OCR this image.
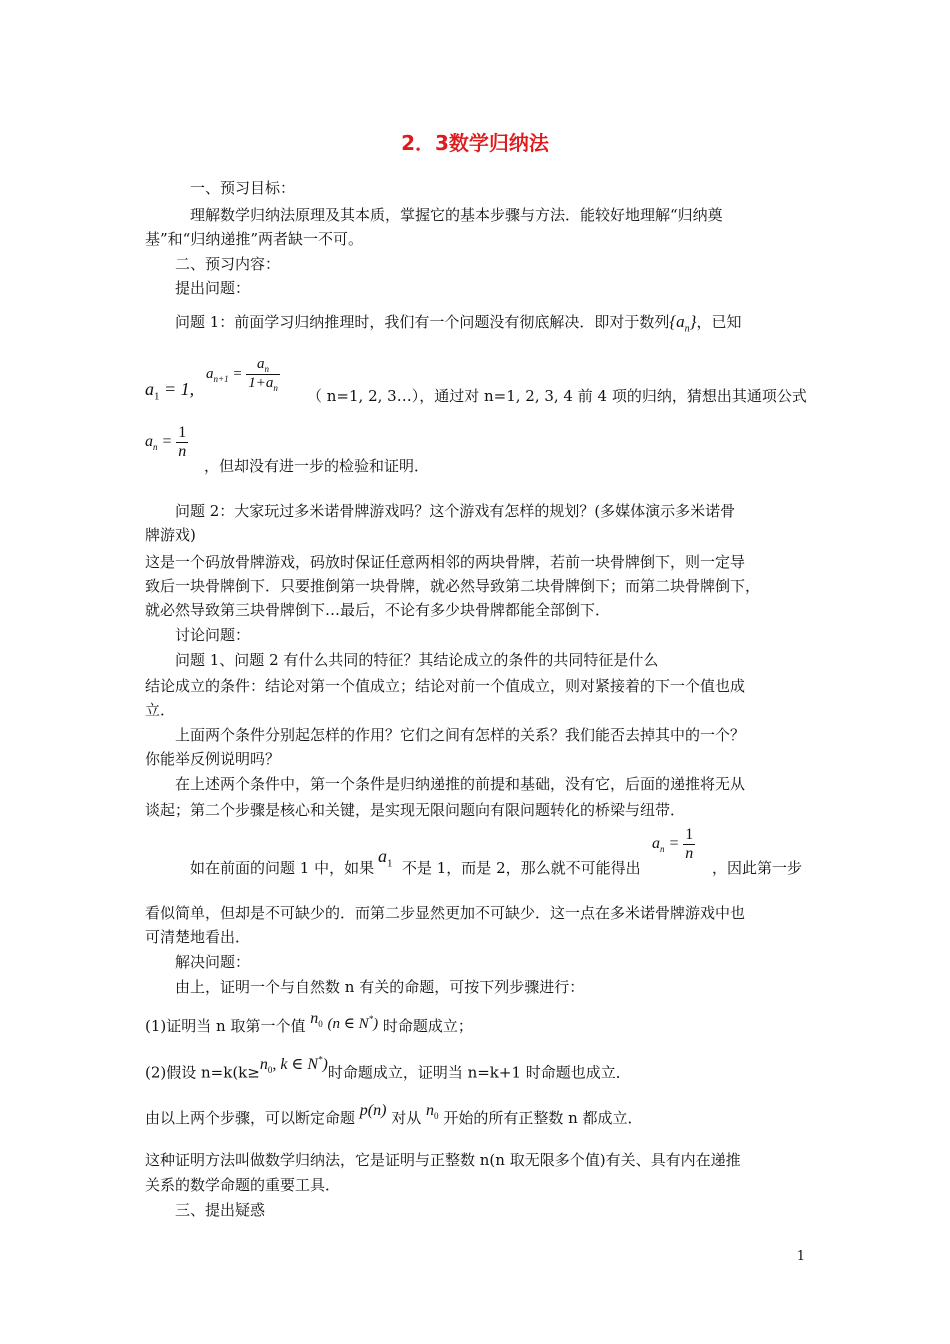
2．3数学归纳法
一、预习目标：
理解数学归纳法原理及其本质，掌握它的基本步骤与方法．能较好地理解“归纳奠
基”和“归纳递推”两者缺一不可。
二、预习内容：
提出问题：
问题 1：前面学习归纳推理时，我们有一个问题没有彻底解决．即对于数列$\{a_n\}$，已知
$a_1 = 1$,
$a_{n+1} = \frac{a_n}{1+a_n}$
（ n=1, 2, 3…），通过对 n=1, 2, 3, 4 前 4 项的归纳，猜想出其通项公式
$a_n = \frac{1}{n}$
，但却没有进一步的检验和证明．
问题 2：大家玩过多米诺骨牌游戏吗？这个游戏有怎样的规划？(多媒体演示多米诺骨
牌游戏)
这是一个码放骨牌游戏，码放时保证任意两相邻的两块骨牌，若前一块骨牌倒下，则一定导
致后一块骨牌倒下．只要推倒第一块骨牌，就必然导致第二块骨牌倒下；而第二块骨牌倒下，
就必然导致第三块骨牌倒下…最后，不论有多少块骨牌都能全部倒下．
讨论问题：
问题 1、问题 2 有什么共同的特征？其结论成立的条件的共同特征是什么
结论成立的条件：结论对第一个值成立；结论对前一个值成立，则对紧接着的下一个值也成
立．
上面两个条件分别起怎样的作用？它们之间有怎样的关系？我们能否去掉其中的一个？
你能举反例说明吗？
在上述两个条件中，第一个条件是归纳递推的前提和基础，没有它，后面的递推将无从
谈起；第二个步骤是核心和关键，是实现无限问题向有限问题转化的桥梁与纽带．
如在前面的问题 1 中，如果
$a_1$ 不是 1，而是 2，那么就不可能得出
$a_n = \frac{1}{n}$
，因此第一步
看似简单，但却是不可缺少的．而第二步显然更加不可缺少．这一点在多米诺骨牌游戏中也
可清楚地看出．
解决问题：
由上，证明一个与自然数 n 有关的命题，可按下列步骤进行：
(1)证明当 n 取第一个值 $n_0$ (n ∈ N*) 时命题成立；
(2)假设 $n=k(k\ge n_0$, k ∈ N*)时命题成立，证明当 n=k+1 时命题也成立．
由以上两个步骤，可以断定命题 p(n) 对从 $n_0$ 开始的所有正整数 n 都成立．
这种证明方法叫做数学归纳法，它是证明与正整数 n(n 取无限多个值)有关、具有内在递推
关系的数学命题的重要工具．
三、提出疑惑
1
